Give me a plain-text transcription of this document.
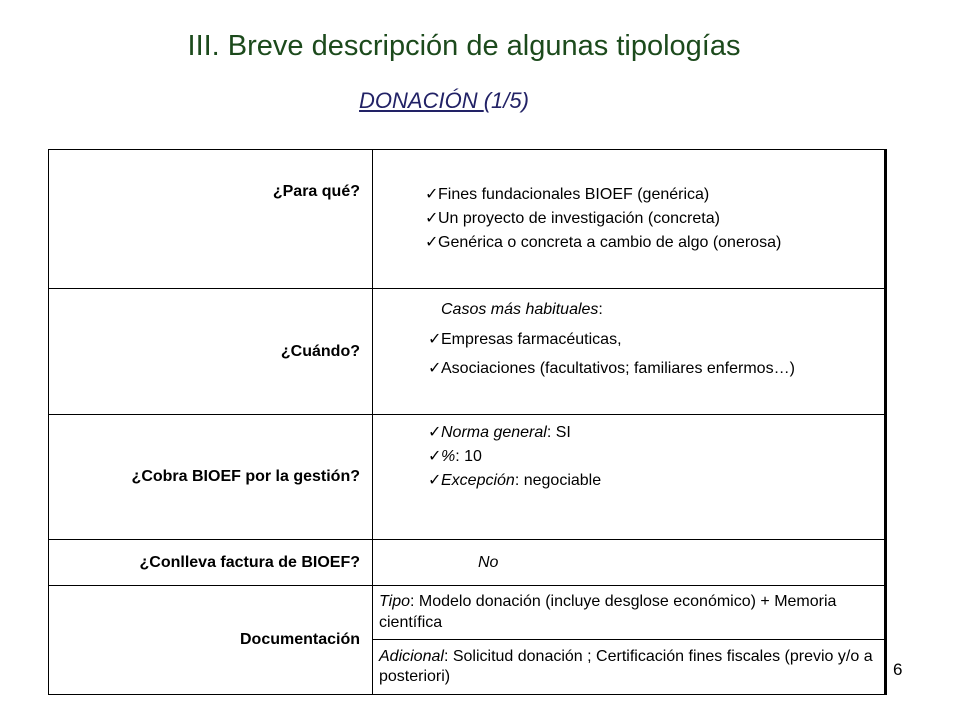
III. Breve descripción de algunas tipologías
DONACIÓN (1/5)
¿Para qué?	✓Fines fundacionales BIOEF (genérica)
✓Un proyecto de investigación (concreta)
✓Genérica o concreta a cambio de algo (onerosa)

¿Cuándo?	Casos más habituales:
✓Empresas farmacéuticas,
✓Asociaciones (facultativos; familiares enfermos…)

¿Cobra BIOEF por la gestión?	✓Norma general: SI
✓%: 10
✓Excepción: negociable

¿Conlleva factura de BIOEF?	No
Documentación	Tipo: Modelo donación (incluye desglose económico) + Memoria científica
	Adicional: Solicitud donación ; Certificación fines fiscales (previo y/o a posteriori)	6
